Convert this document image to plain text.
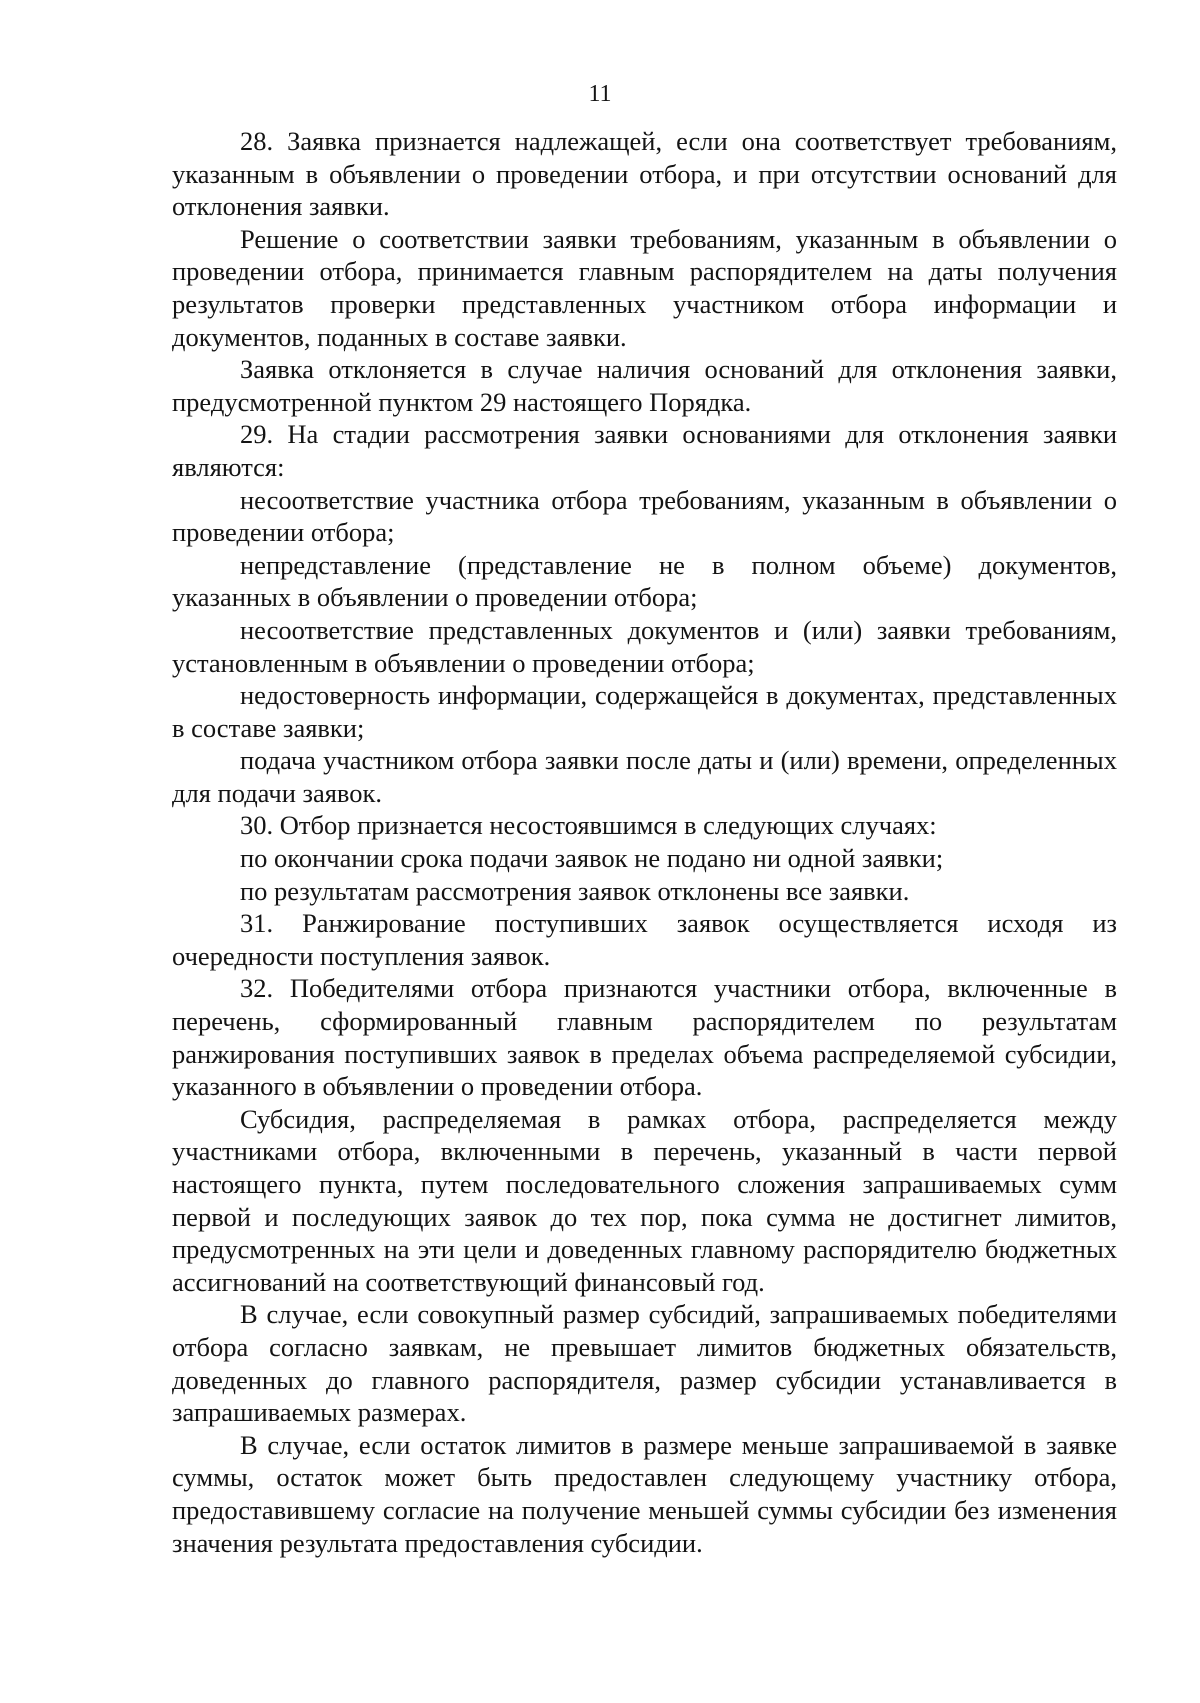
11

28. Заявка признается надлежащей, если она соответствует требованиям, указанным в объявлении о проведении отбора, и при отсутствии оснований для отклонения заявки.

Решение о соответствии заявки требованиям, указанным в объявлении о проведении отбора, принимается главным распорядителем на даты получения результатов проверки представленных участником отбора информации и документов, поданных в составе заявки.

Заявка отклоняется в случае наличия оснований для отклонения заявки, предусмотренной пунктом 29 настоящего Порядка.

29. На стадии рассмотрения заявки основаниями для отклонения заявки являются:

несоответствие участника отбора требованиям, указанным в объявлении о проведении отбора;

непредставление (представление не в полном объеме) документов, указанных в объявлении о проведении отбора;

несоответствие представленных документов и (или) заявки требованиям, установленным в объявлении о проведении отбора;

недостоверность информации, содержащейся в документах, представленных в составе заявки;

подача участником отбора заявки после даты и (или) времени, определенных для подачи заявок.

30. Отбор признается несостоявшимся в следующих случаях:

по окончании срока подачи заявок не подано ни одной заявки;

по результатам рассмотрения заявок отклонены все заявки.

31. Ранжирование поступивших заявок осуществляется исходя из очередности поступления заявок.

32. Победителями отбора признаются участники отбора, включенные в перечень, сформированный главным распорядителем по результатам ранжирования поступивших заявок в пределах объема распределяемой субсидии, указанного в объявлении о проведении отбора.

Субсидия, распределяемая в рамках отбора, распределяется между участниками отбора, включенными в перечень, указанный в части первой настоящего пункта, путем последовательного сложения запрашиваемых сумм первой и последующих заявок до тех пор, пока сумма не достигнет лимитов, предусмотренных на эти цели и доведенных главному распорядителю бюджетных ассигнований на соответствующий финансовый год.

В случае, если совокупный размер субсидий, запрашиваемых победителями отбора согласно заявкам, не превышает лимитов бюджетных обязательств, доведенных до главного распорядителя, размер субсидии устанавливается в запрашиваемых размерах.

В случае, если остаток лимитов в размере меньше запрашиваемой в заявке суммы, остаток может быть предоставлен следующему участнику отбора, предоставившему согласие на получение меньшей суммы субсидии без изменения значения результата предоставления субсидии.
